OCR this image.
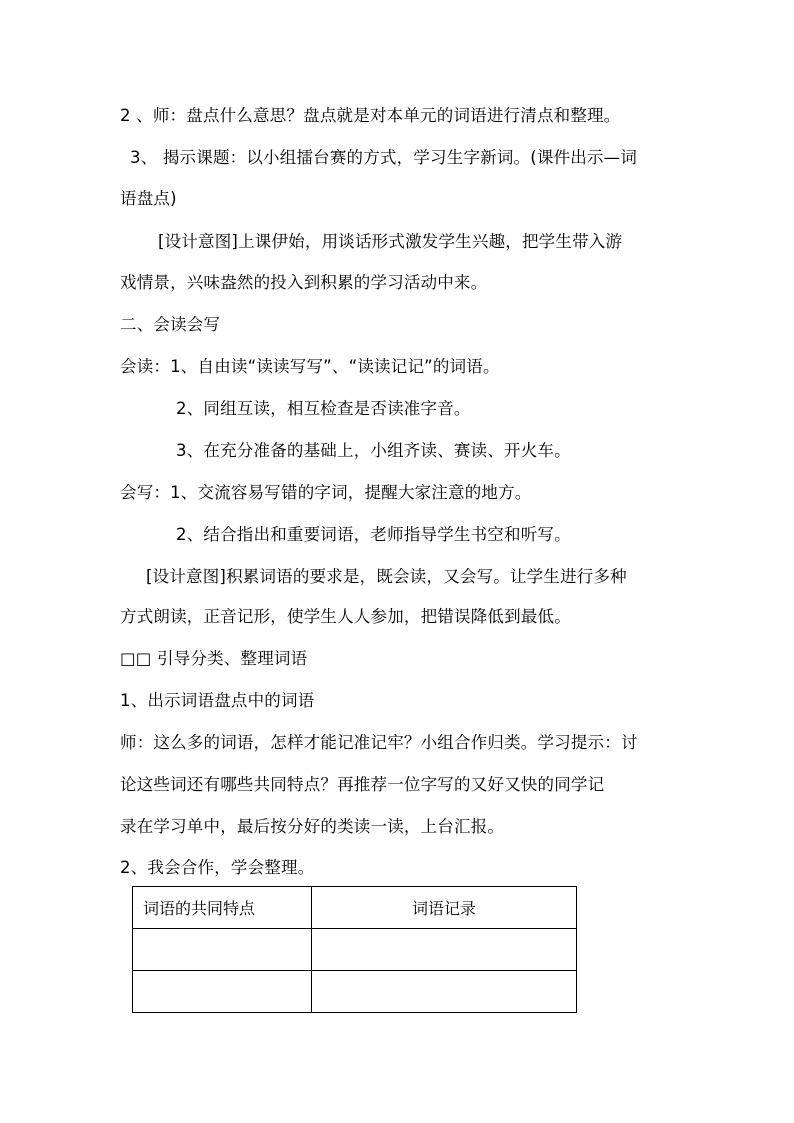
2 、师：盘点什么意思？盘点就是对本单元的词语进行清点和整理。
3、 揭示课题：以小组擂台赛的方式，学习生字新词。(课件出示—词
语盘点)
[设计意图]上课伊始，用谈话形式激发学生兴趣，把学生带入游
戏情景，兴味盎然的投入到积累的学习活动中来。
二、会读会写
会读：1、自由读“读读写写”、“读读记记”的词语。
2、同组互读，相互检查是否读准字音。
3、在充分准备的基础上，小组齐读、赛读、开火车。
会写：1、交流容易写错的字词，提醒大家注意的地方。
2、结合指出和重要词语，老师指导学生书空和听写。
[设计意图]积累词语的要求是，既会读，又会写。让学生进行多种
方式朗读，正音记形，使学生人人参加，把错误降低到最低。
□□ 引导分类、整理词语
1、出示词语盘点中的词语
师：这么多的词语，怎样才能记准记牢？小组合作归类。学习提示：讨
论这些词还有哪些共同特点？再推荐一位字写的又好又快的同学记
录在学习单中，最后按分好的类读一读，上台汇报。
2、我会合作，学会整理。
词语的共同特点	词语记录
